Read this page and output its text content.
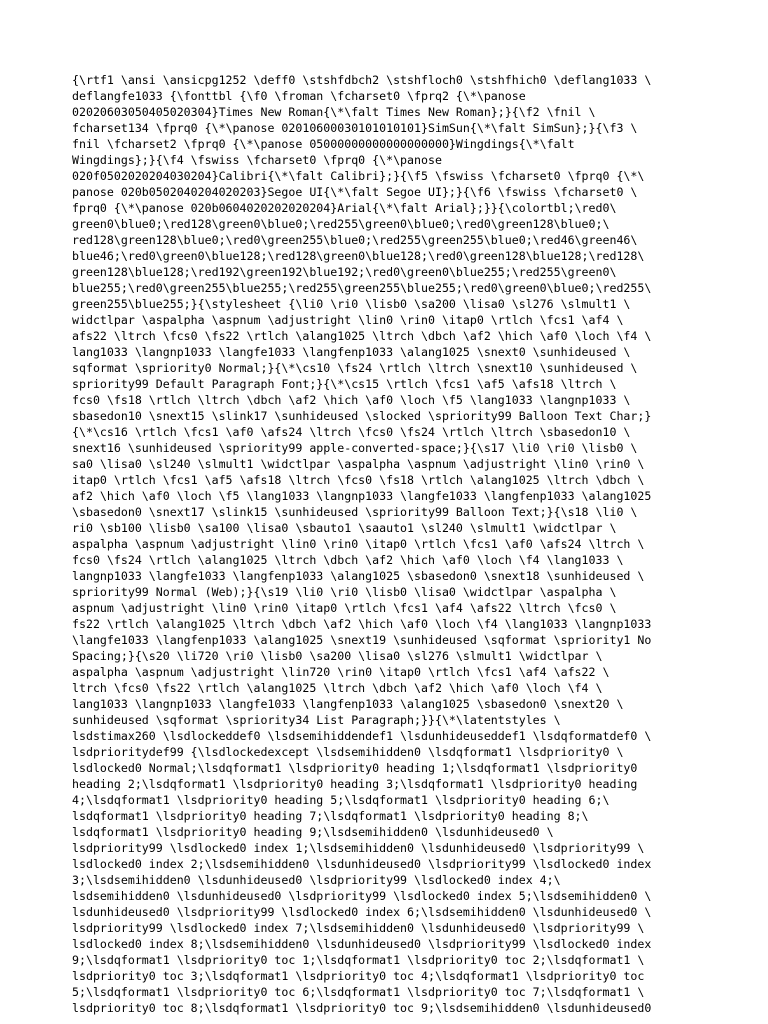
{\rtf1 \ansi \ansicpg1252 \deff0 \stshfdbch2 \stshfloch0 \stshfhich0 \deflang1033 \
deflangfe1033 {\fonttbl {\f0 \froman \fcharset0 \fprq2 {\*\panose
02020603050405020304}Times New Roman{\*\falt Times New Roman};}{\f2 \fnil \
fcharset134 \fprq0 {\*\panose 02010600030101010101}SimSun{\*\falt SimSun};}{\f3 \
fnil \fcharset2 \fprq0 {\*\panose 05000000000000000000}Wingdings{\*\falt
Wingdings};}{\f4 \fswiss \fcharset0 \fprq0 {\*\panose
020f0502020204030204}Calibri{\*\falt Calibri};}{\f5 \fswiss \fcharset0 \fprq0 {\*\
panose 020b0502040204020203}Segoe UI{\*\falt Segoe UI};}{\f6 \fswiss \fcharset0 \
fprq0 {\*\panose 020b0604020202020204}Arial{\*\falt Arial};}}{\colortbl;\red0\
green0\blue0;\red128\green0\blue0;\red255\green0\blue0;\red0\green128\blue0;\
red128\green128\blue0;\red0\green255\blue0;\red255\green255\blue0;\red46\green46\
blue46;\red0\green0\blue128;\red128\green0\blue128;\red0\green128\blue128;\red128\
green128\blue128;\red192\green192\blue192;\red0\green0\blue255;\red255\green0\
blue255;\red0\green255\blue255;\red255\green255\blue255;\red0\green0\blue0;\red255\
green255\blue255;}{\stylesheet {\li0 \ri0 \lisb0 \sa200 \lisa0 \sl276 \slmult1 \
widctlpar \aspalpha \aspnum \adjustright \lin0 \rin0 \itap0 \rtlch \fcs1 \af4 \
afs22 \ltrch \fcs0 \fs22 \rtlch \alang1025 \ltrch \dbch \af2 \hich \af0 \loch \f4 \
lang1033 \langnp1033 \langfe1033 \langfenp1033 \alang1025 \snext0 \sunhideused \
sqformat \spriority0 Normal;}{\*\cs10 \fs24 \rtlch \ltrch \snext10 \sunhideused \
spriority99 Default Paragraph Font;}{\*\cs15 \rtlch \fcs1 \af5 \afs18 \ltrch \
fcs0 \fs18 \rtlch \ltrch \dbch \af2 \hich \af0 \loch \f5 \lang1033 \langnp1033 \
sbasedon10 \snext15 \slink17 \sunhideused \slocked \spriority99 Balloon Text Char;}
{\*\cs16 \rtlch \fcs1 \af0 \afs24 \ltrch \fcs0 \fs24 \rtlch \ltrch \sbasedon10 \
snext16 \sunhideused \spriority99 apple-converted-space;}{\s17 \li0 \ri0 \lisb0 \
sa0 \lisa0 \sl240 \slmult1 \widctlpar \aspalpha \aspnum \adjustright \lin0 \rin0 \
itap0 \rtlch \fcs1 \af5 \afs18 \ltrch \fcs0 \fs18 \rtlch \alang1025 \ltrch \dbch \
af2 \hich \af0 \loch \f5 \lang1033 \langnp1033 \langfe1033 \langfenp1033 \alang1025
\sbasedon0 \snext17 \slink15 \sunhideused \spriority99 Balloon Text;}{\s18 \li0 \
ri0 \sb100 \lisb0 \sa100 \lisa0 \sbauto1 \saauto1 \sl240 \slmult1 \widctlpar \
aspalpha \aspnum \adjustright \lin0 \rin0 \itap0 \rtlch \fcs1 \af0 \afs24 \ltrch \
fcs0 \fs24 \rtlch \alang1025 \ltrch \dbch \af2 \hich \af0 \loch \f4 \lang1033 \
langnp1033 \langfe1033 \langfenp1033 \alang1025 \sbasedon0 \snext18 \sunhideused \
spriority99 Normal (Web);}{\s19 \li0 \ri0 \lisb0 \lisa0 \widctlpar \aspalpha \
aspnum \adjustright \lin0 \rin0 \itap0 \rtlch \fcs1 \af4 \afs22 \ltrch \fcs0 \
fs22 \rtlch \alang1025 \ltrch \dbch \af2 \hich \af0 \loch \f4 \lang1033 \langnp1033
\langfe1033 \langfenp1033 \alang1025 \snext19 \sunhideused \sqformat \spriority1 No
Spacing;}{\s20 \li720 \ri0 \lisb0 \sa200 \lisa0 \sl276 \slmult1 \widctlpar \
aspalpha \aspnum \adjustright \lin720 \rin0 \itap0 \rtlch \fcs1 \af4 \afs22 \
ltrch \fcs0 \fs22 \rtlch \alang1025 \ltrch \dbch \af2 \hich \af0 \loch \f4 \
lang1033 \langnp1033 \langfe1033 \langfenp1033 \alang1025 \sbasedon0 \snext20 \
sunhideused \sqformat \spriority34 List Paragraph;}}{\*\latentstyles \
lsdstimax260 \lsdlockeddef0 \lsdsemihiddendef1 \lsdunhideuseddef1 \lsdqformatdef0 \
lsdprioritydef99 {\lsdlockedexcept \lsdsemihidden0 \lsdqformat1 \lsdpriority0 \
lsdlocked0 Normal;\lsdqformat1 \lsdpriority0 heading 1;\lsdqformat1 \lsdpriority0
heading 2;\lsdqformat1 \lsdpriority0 heading 3;\lsdqformat1 \lsdpriority0 heading
4;\lsdqformat1 \lsdpriority0 heading 5;\lsdqformat1 \lsdpriority0 heading 6;\
lsdqformat1 \lsdpriority0 heading 7;\lsdqformat1 \lsdpriority0 heading 8;\
lsdqformat1 \lsdpriority0 heading 9;\lsdsemihidden0 \lsdunhideused0 \
lsdpriority99 \lsdlocked0 index 1;\lsdsemihidden0 \lsdunhideused0 \lsdpriority99 \
lsdlocked0 index 2;\lsdsemihidden0 \lsdunhideused0 \lsdpriority99 \lsdlocked0 index
3;\lsdsemihidden0 \lsdunhideused0 \lsdpriority99 \lsdlocked0 index 4;\
lsdsemihidden0 \lsdunhideused0 \lsdpriority99 \lsdlocked0 index 5;\lsdsemihidden0 \
lsdunhideused0 \lsdpriority99 \lsdlocked0 index 6;\lsdsemihidden0 \lsdunhideused0 \
lsdpriority99 \lsdlocked0 index 7;\lsdsemihidden0 \lsdunhideused0 \lsdpriority99 \
lsdlocked0 index 8;\lsdsemihidden0 \lsdunhideused0 \lsdpriority99 \lsdlocked0 index
9;\lsdqformat1 \lsdpriority0 toc 1;\lsdqformat1 \lsdpriority0 toc 2;\lsdqformat1 \
lsdpriority0 toc 3;\lsdqformat1 \lsdpriority0 toc 4;\lsdqformat1 \lsdpriority0 toc
5;\lsdqformat1 \lsdpriority0 toc 6;\lsdqformat1 \lsdpriority0 toc 7;\lsdqformat1 \
lsdpriority0 toc 8;\lsdqformat1 \lsdpriority0 toc 9;\lsdsemihidden0 \lsdunhideused0
